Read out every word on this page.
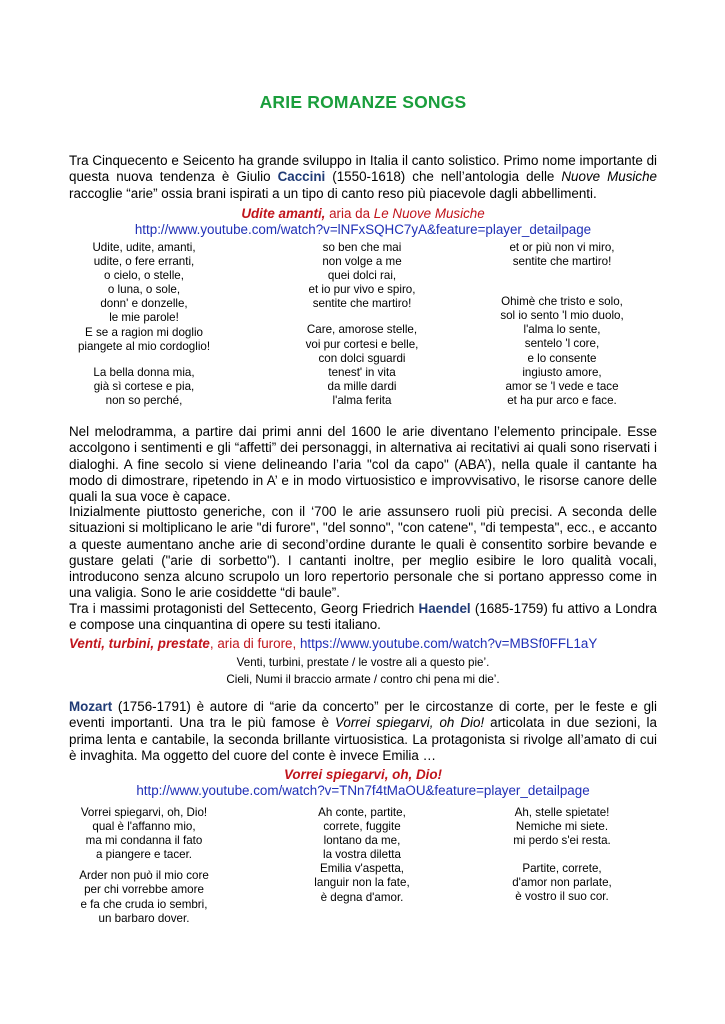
ARIE ROMANZE SONGS
Tra Cinquecento e Seicento ha grande sviluppo in Italia il canto solistico. Primo nome importante di questa nuova tendenza è Giulio Caccini (1550-1618) che nell’antologia delle Nuove Musiche raccoglie “arie” ossia brani ispirati a un tipo di canto reso più piacevole dagli abbellimenti.
Udite amanti, aria da Le Nuove Musiche
http://www.youtube.com/watch?v=lNFxSQHC7yA&feature=player_detailpage
Udite, udite, amanti,
udite, o fere erranti,
o cielo, o stelle,
o luna, o sole,
donn' e donzelle,
le mie parole!
E se a ragion mi doglio
piangete al mio cordoglio!
La bella donna mia,
già sì cortese e pia,
non so perché,
so ben che mai
non volge a me
quei dolci rai,
et io pur vivo e spiro,
sentite che martiro!
Care, amorose stelle,
voi pur cortesi e belle,
con dolci sguardi
tenest' in vita
da mille dardi
l'alma ferita
et or più non vi miro,
sentite che martiro!
Ohimè che tristo e solo,
sol io sento 'l mio duolo,
l'alma lo sente,
sentelo 'l core,
e lo consente
ingiusto amore,
amor se 'l vede e tace
et ha pur arco e face.
Nel melodramma, a partire dai primi anni del 1600 le arie diventano l’elemento principale. Esse accolgono i sentimenti e gli “affetti” dei personaggi, in alternativa ai recitativi ai quali sono riservati i dialoghi. A fine secolo si viene delineando l’aria "col da capo" (ABA’), nella quale il cantante ha modo di dimostrare, ripetendo in A’ e in modo virtuosistico e improvvisativo, le risorse canore delle quali la sua voce è capace.
Inizialmente piuttosto generiche, con il ‘700 le arie assunsero ruoli più precisi. A seconda delle situazioni si moltiplicano le arie "di furore", "del sonno", "con catene", "di tempesta", ecc., e accanto a queste aumentano anche arie di second’ordine durante le quali è consentito sorbire bevande e gustare gelati ("arie di sorbetto"). I cantanti inoltre, per meglio esibire le loro qualità vocali, introducono senza alcuno scrupolo un loro repertorio personale che si portano appresso come in una valigia. Sono le arie cosiddette “di baule”.
Tra i massimi protagonisti del Settecento, Georg Friedrich Haendel (1685-1759) fu attivo a Londra e compose una cinquantina di opere su testi italiano.
Venti, turbini, prestate, aria di furore, https://www.youtube.com/watch?v=MBSf0FFL1aY
Venti, turbini, prestate / le vostre ali a questo pie’.
Cieli, Numi il braccio armate / contro chi pena mi die’.
Mozart (1756-1791) è autore di “arie da concerto” per le circostanze di corte, per le feste e gli eventi importanti. Una tra le più famose è Vorrei spiegarvi, oh Dio! articolata in due sezioni, la prima lenta e cantabile, la seconda brillante virtuosistica. La protagonista si rivolge all’amato di cui è invaghita. Ma oggetto del cuore del conte è invece Emilia …
Vorrei spiegarvi, oh, Dio!
http://www.youtube.com/watch?v=TNn7f4tMaOU&feature=player_detailpage
Vorrei spiegarvi, oh, Dio!
qual è l'affanno mio,
ma mi condanna il fato
a piangere e tacer.
Arder non può il mio core
per chi vorrebbe amore
e fa che cruda io sembri,
un barbaro dover.
Ah conte, partite,
correte, fuggite
lontano da me,
la vostra diletta
Emilia v'aspetta,
languir non la fate,
è degna d'amor.
Ah, stelle spietate!
Nemiche mi siete.
mi perdo s'ei resta.
Partite, correte,
d'amor non parlate,
è vostro il suo cor.
